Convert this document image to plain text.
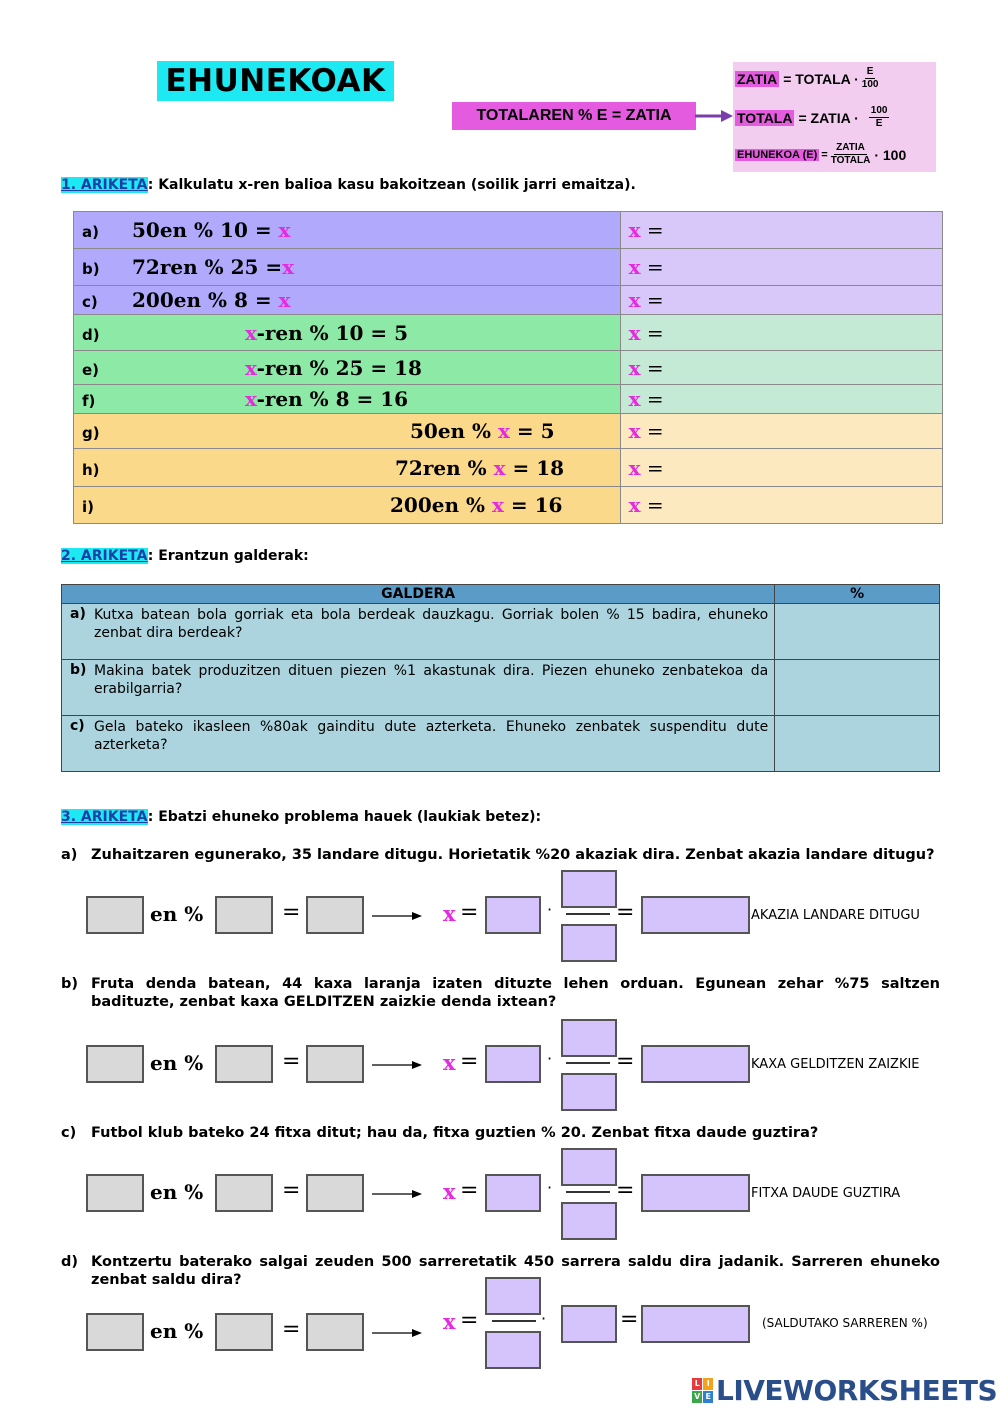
EHUNEKOAK
TOTALAREN % E = ZATIA
ZATIA = TOTALA · $\frac{E}{100}$
TOTALA = ZATIA · $\frac{100}{E}$
EHUNEKOA $(E) = \frac{\text{ZATIA}}{\text{TOTALA}} \cdot 100$
1. ARIKETA: Kalkulatu x-ren balioa kasu bakoitzean (soilik jarri emaitza).
a) 50en % 10 = x	x =
b) 72ren % 25 =x	x =
c) 200en % 8 = x	x =
d) x-ren % 10 = 5	x =
e) x-ren % 25 = 18	x =
f) x-ren % 8 = 16	x =
g) 50en % x = 5	x =
h) 72ren % x = 18	x =
i) 200en % x = 16	x =
2. ARIKETA: Erantzun galderak:
GALDERA	%

a) Kutxa batean bola gorriak eta bola berdeak dauzkagu. Gorriak bolen % 15 badira, ehuneko zenbat dira berdeak?	

b) Makina batek produzitzen dituen piezen %1 akastunak dira. Piezen ehuneko zenbatekoa da erabilgarria?	

c) Gela bateko ikasleen %80ak gainditu dute azterketa. Ehuneko zenbatek suspenditu dute azterketa?	

3. ARIKETA: Ebatzi ehuneko problema hauek (laukiak betez):
a) Zuhaitzaren egunerako, 35 landare ditugu. Horietatik %20 akaziak dira. Zenbat akazia landare ditugu?
en %	=	x =	·	=	AKAZIA LANDARE DITUGU
b) Fruta denda batean, 44 kaxa laranja izaten dituzte lehen orduan. Egunean zehar %75 saltzen badituzte, zenbat kaxa GELDITZEN zaizkie denda ixtean?
en %	=	x =	·	=	KAXA GELDITZEN ZAIZKIE
c)	Futbol klub bateko 24 fitxa ditut; hau da, fitxa guztien % 20. Zenbat fitxa daude guztira?
en %	=	x =	·	=	FITXA DAUDE GUZTIRA
d) Kontzertu baterako salgai zeuden 500 sarreretatik 450 sarrera saldu dira jadanik. Sarreren ehuneko zenbat saldu dira?
en %	=	x =	·	=	(SALDUTAKO SARREREN %)
L I
V E LIVEWORKSHEETS
